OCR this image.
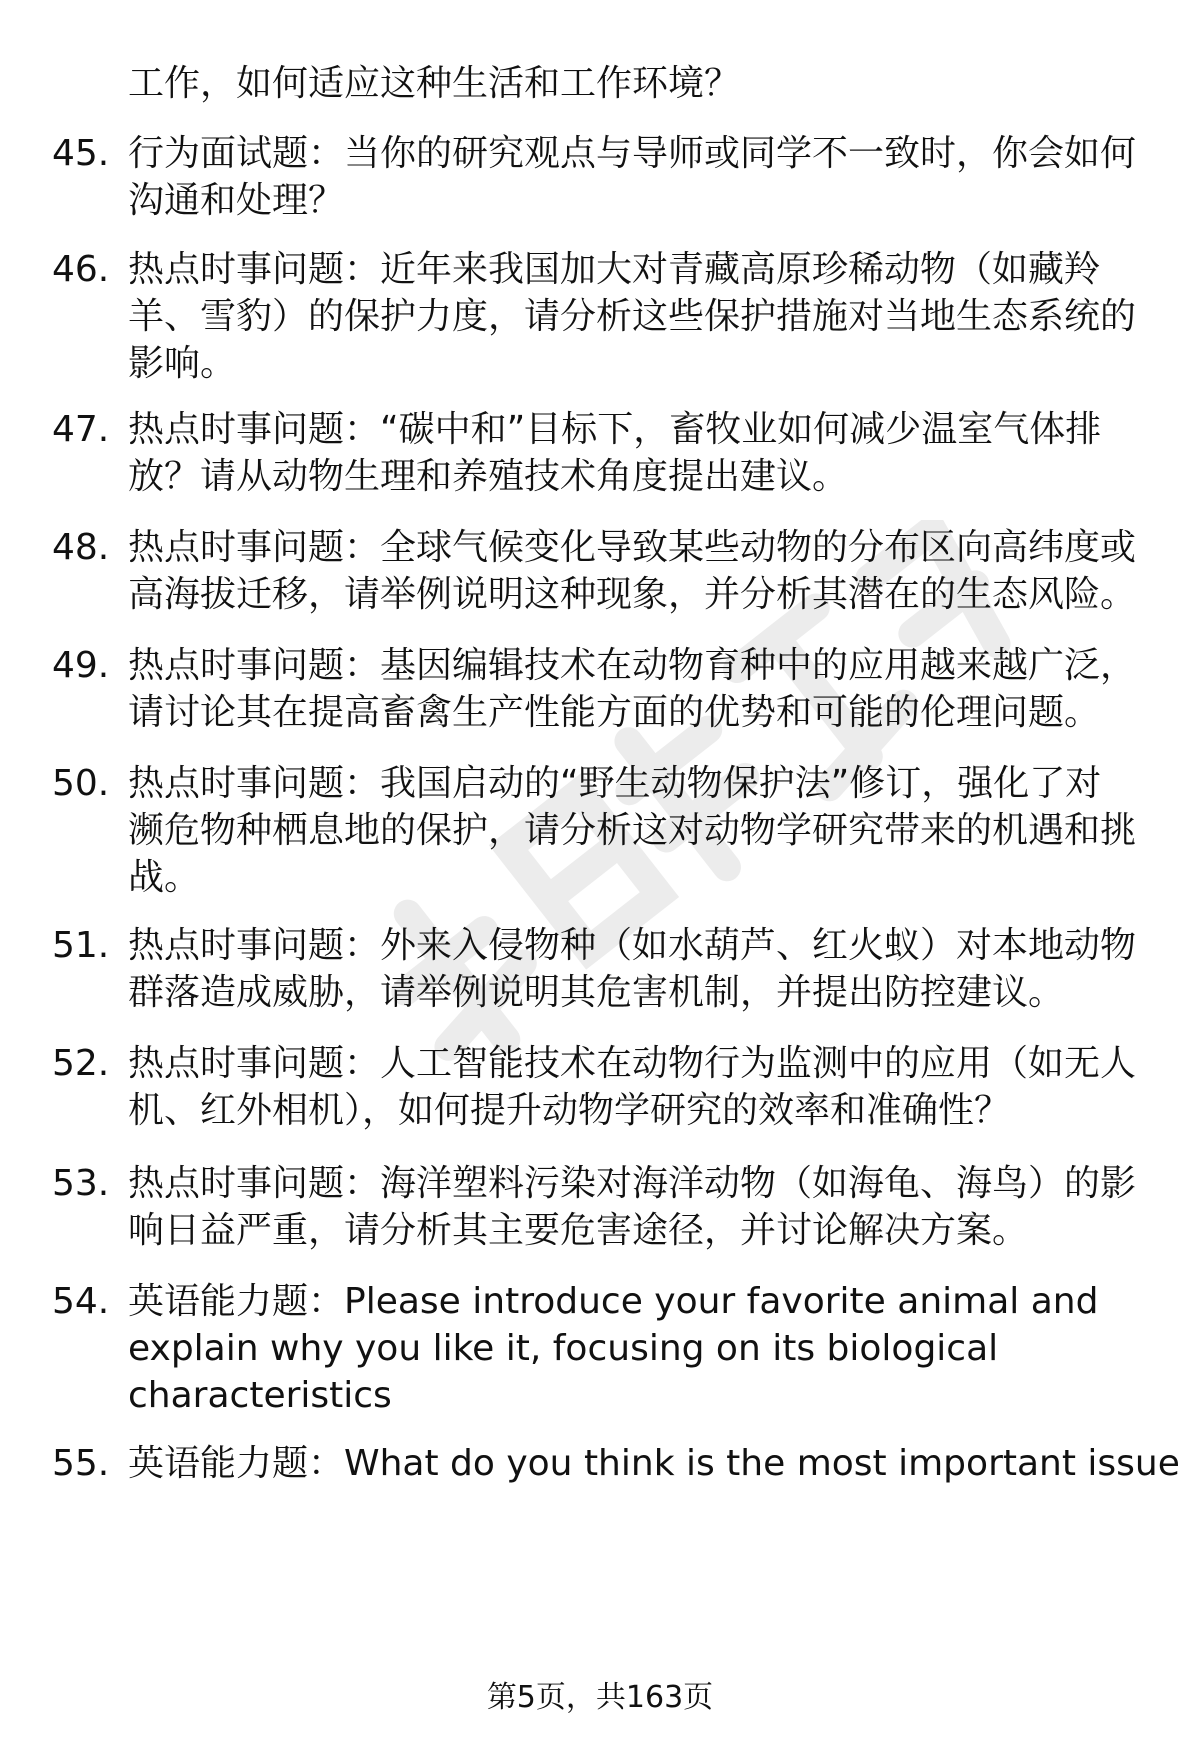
工作，如何适应这种生活和工作环境？
45. 行为面试题：当你的研究观点与导师或同学不一致时，你会如何
沟通和处理？
46. 热点时事问题：近年来我国加大对青藏高原珍稀动物（如藏羚
羊、雪豹）的保护力度，请分析这些保护措施对当地生态系统的
影响。
47. 热点时事问题：“碳中和”目标下，畜牧业如何减少温室气体排
放？请从动物生理和养殖技术角度提出建议。
48. 热点时事问题：全球气候变化导致某些动物的分布区向高纬度或
高海拔迁移，请举例说明这种现象，并分析其潜在的生态风险。
49. 热点时事问题：基因编辑技术在动物育种中的应用越来越广泛，
请讨论其在提高畜禽生产性能方面的优势和可能的伦理问题。
50. 热点时事问题：我国启动的“野生动物保护法”修订，强化了对
濒危物种栖息地的保护，请分析这对动物学研究带来的机遇和挑
战。
51. 热点时事问题：外来入侵物种（如水葫芦、红火蚁）对本地动物
群落造成威胁，请举例说明其危害机制，并提出防控建议。
52. 热点时事问题：人工智能技术在动物行为监测中的应用（如无人
机、红外相机），如何提升动物学研究的效率和准确性？
53. 热点时事问题：海洋塑料污染对海洋动物（如海龟、海鸟）的影
响日益严重，请分析其主要危害途径，并讨论解决方案。
54. 英语能力题：Please introduce your favorite animal and
explain why you like it, focusing on its biological
characteristics
55. 英语能力题：What do you think is the most important issue
第5页，共163页
